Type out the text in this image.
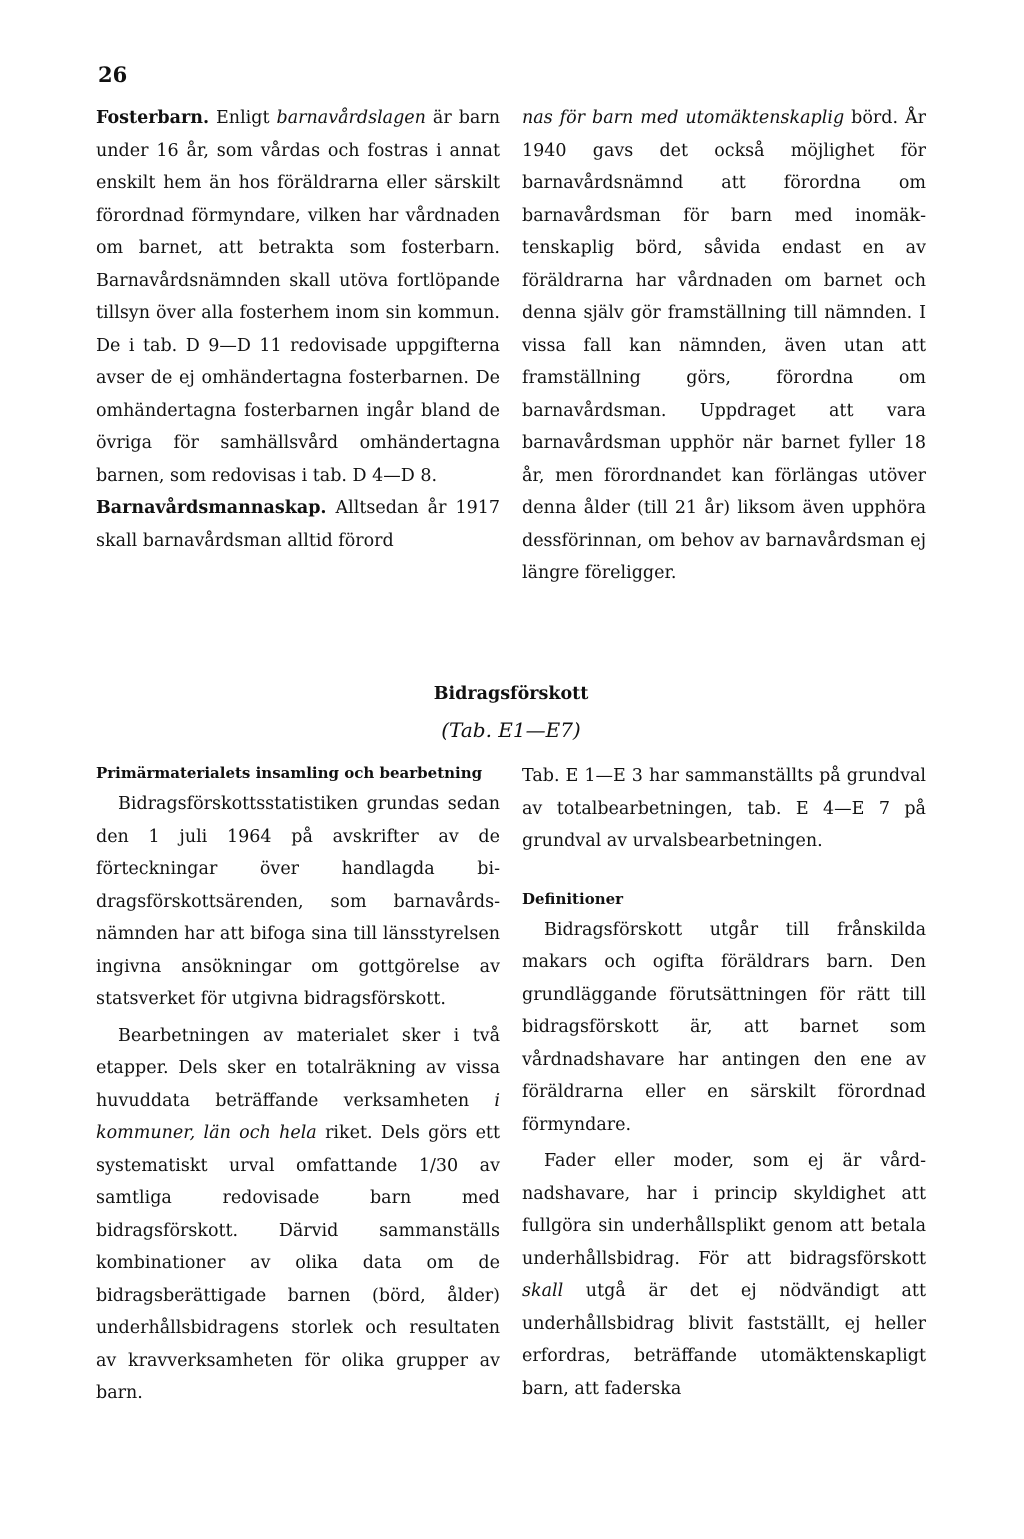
26

Fosterbarn. Enligt barnavårdslagen är barn under 16 år, som vårdas och fostras i annat enskilt hem än hos föräldrarna eller särskilt förordnad förmyndare, vilken har vårdnaden om barnet, att betrakta som fosterbarn. Barnavårdsnämnden skall utöva fortlöpande tillsyn över alla fosterhem inom sin kommun. De i tab. D 9—D 11 redovisade uppgifterna avser de ej omhändertagna fosterbarnen. De omhändertagna fosterbarnen ingår bland de övriga för samhällsvård omhändertagna barnen, som redovisas i tab. D 4—D 8.

Barnavårdsmannaskap. Alltsedan år 1917 skall barnavårdsman alltid förord

nas för barn med utomäktenskaplig börd. År 1940 gavs det också möjlighet för barnavårdsnämnd att förordna om barnavårdsman för barn med inomäktenskaplig börd, såvida endast en av föräldrarna har vårdnaden om barnet och denna själv gör framställning till nämnden. I vissa fall kan nämnden, även utan att framställning görs, förordna om barnavårdsman. Uppdraget att vara barnavårdsman upphör när barnet fyller 18 år, men förordnandet kan förlängas utöver denna ålder (till 21 år) liksom även upphöra dessförinnan, om behov av barnavårdsman ej längre föreligger.

Bidragsförskott
(Tab. E1—E7)
Primärmaterialets insamling och bearbetning

Bidragsförskottsstatistiken grundas sedan den 1 juli 1964 på avskrifter av de förteckningar över handlagda bidragsförskottsärenden, som barnavårdsnämnden har att bifoga sina till länsstyrelsen ingivna ansökningar om gottgörelse av statsverket för utgivna bidragsförskott.

Bearbetningen av materialet sker i två etapper. Dels sker en totalräkning av vissa huvuddata beträffande verksamheten i kommuner, län och hela riket. Dels görs ett systematiskt urval omfattande 1/30 av samtliga redovisade barn med bidragsförskott. Därvid sammanställs kombinationer av olika data om de bidragsberättigade barnen (börd, ålder) underhållsbidragens storlek och resultaten av kravverksamheten för olika grupper av barn.

Tab. E 1—E 3 har sammanställts på grundval av totalbearbetningen, tab. E 4—E 7 på grundval av urvalsbearbetningen.

Definitioner

Bidragsförskott utgår till frånskilda makars och ogifta föräldrars barn. Den grundläggande förutsättningen för rätt till bidragsförskott är, att barnet som vårdnadshavare har antingen den ene av föräldrarna eller en särskilt förordnad förmyndare.

Fader eller moder, som ej är vårdnadshavare, har i princip skyldighet att fullgöra sin underhållsplikt genom att betala underhållsbidrag. För att bidragsförskott skall utgå är det ej nödvändigt att underhållsbidrag blivit fastställt, ej heller erfordras, beträffande utomäktenskapligt barn, att faderska
